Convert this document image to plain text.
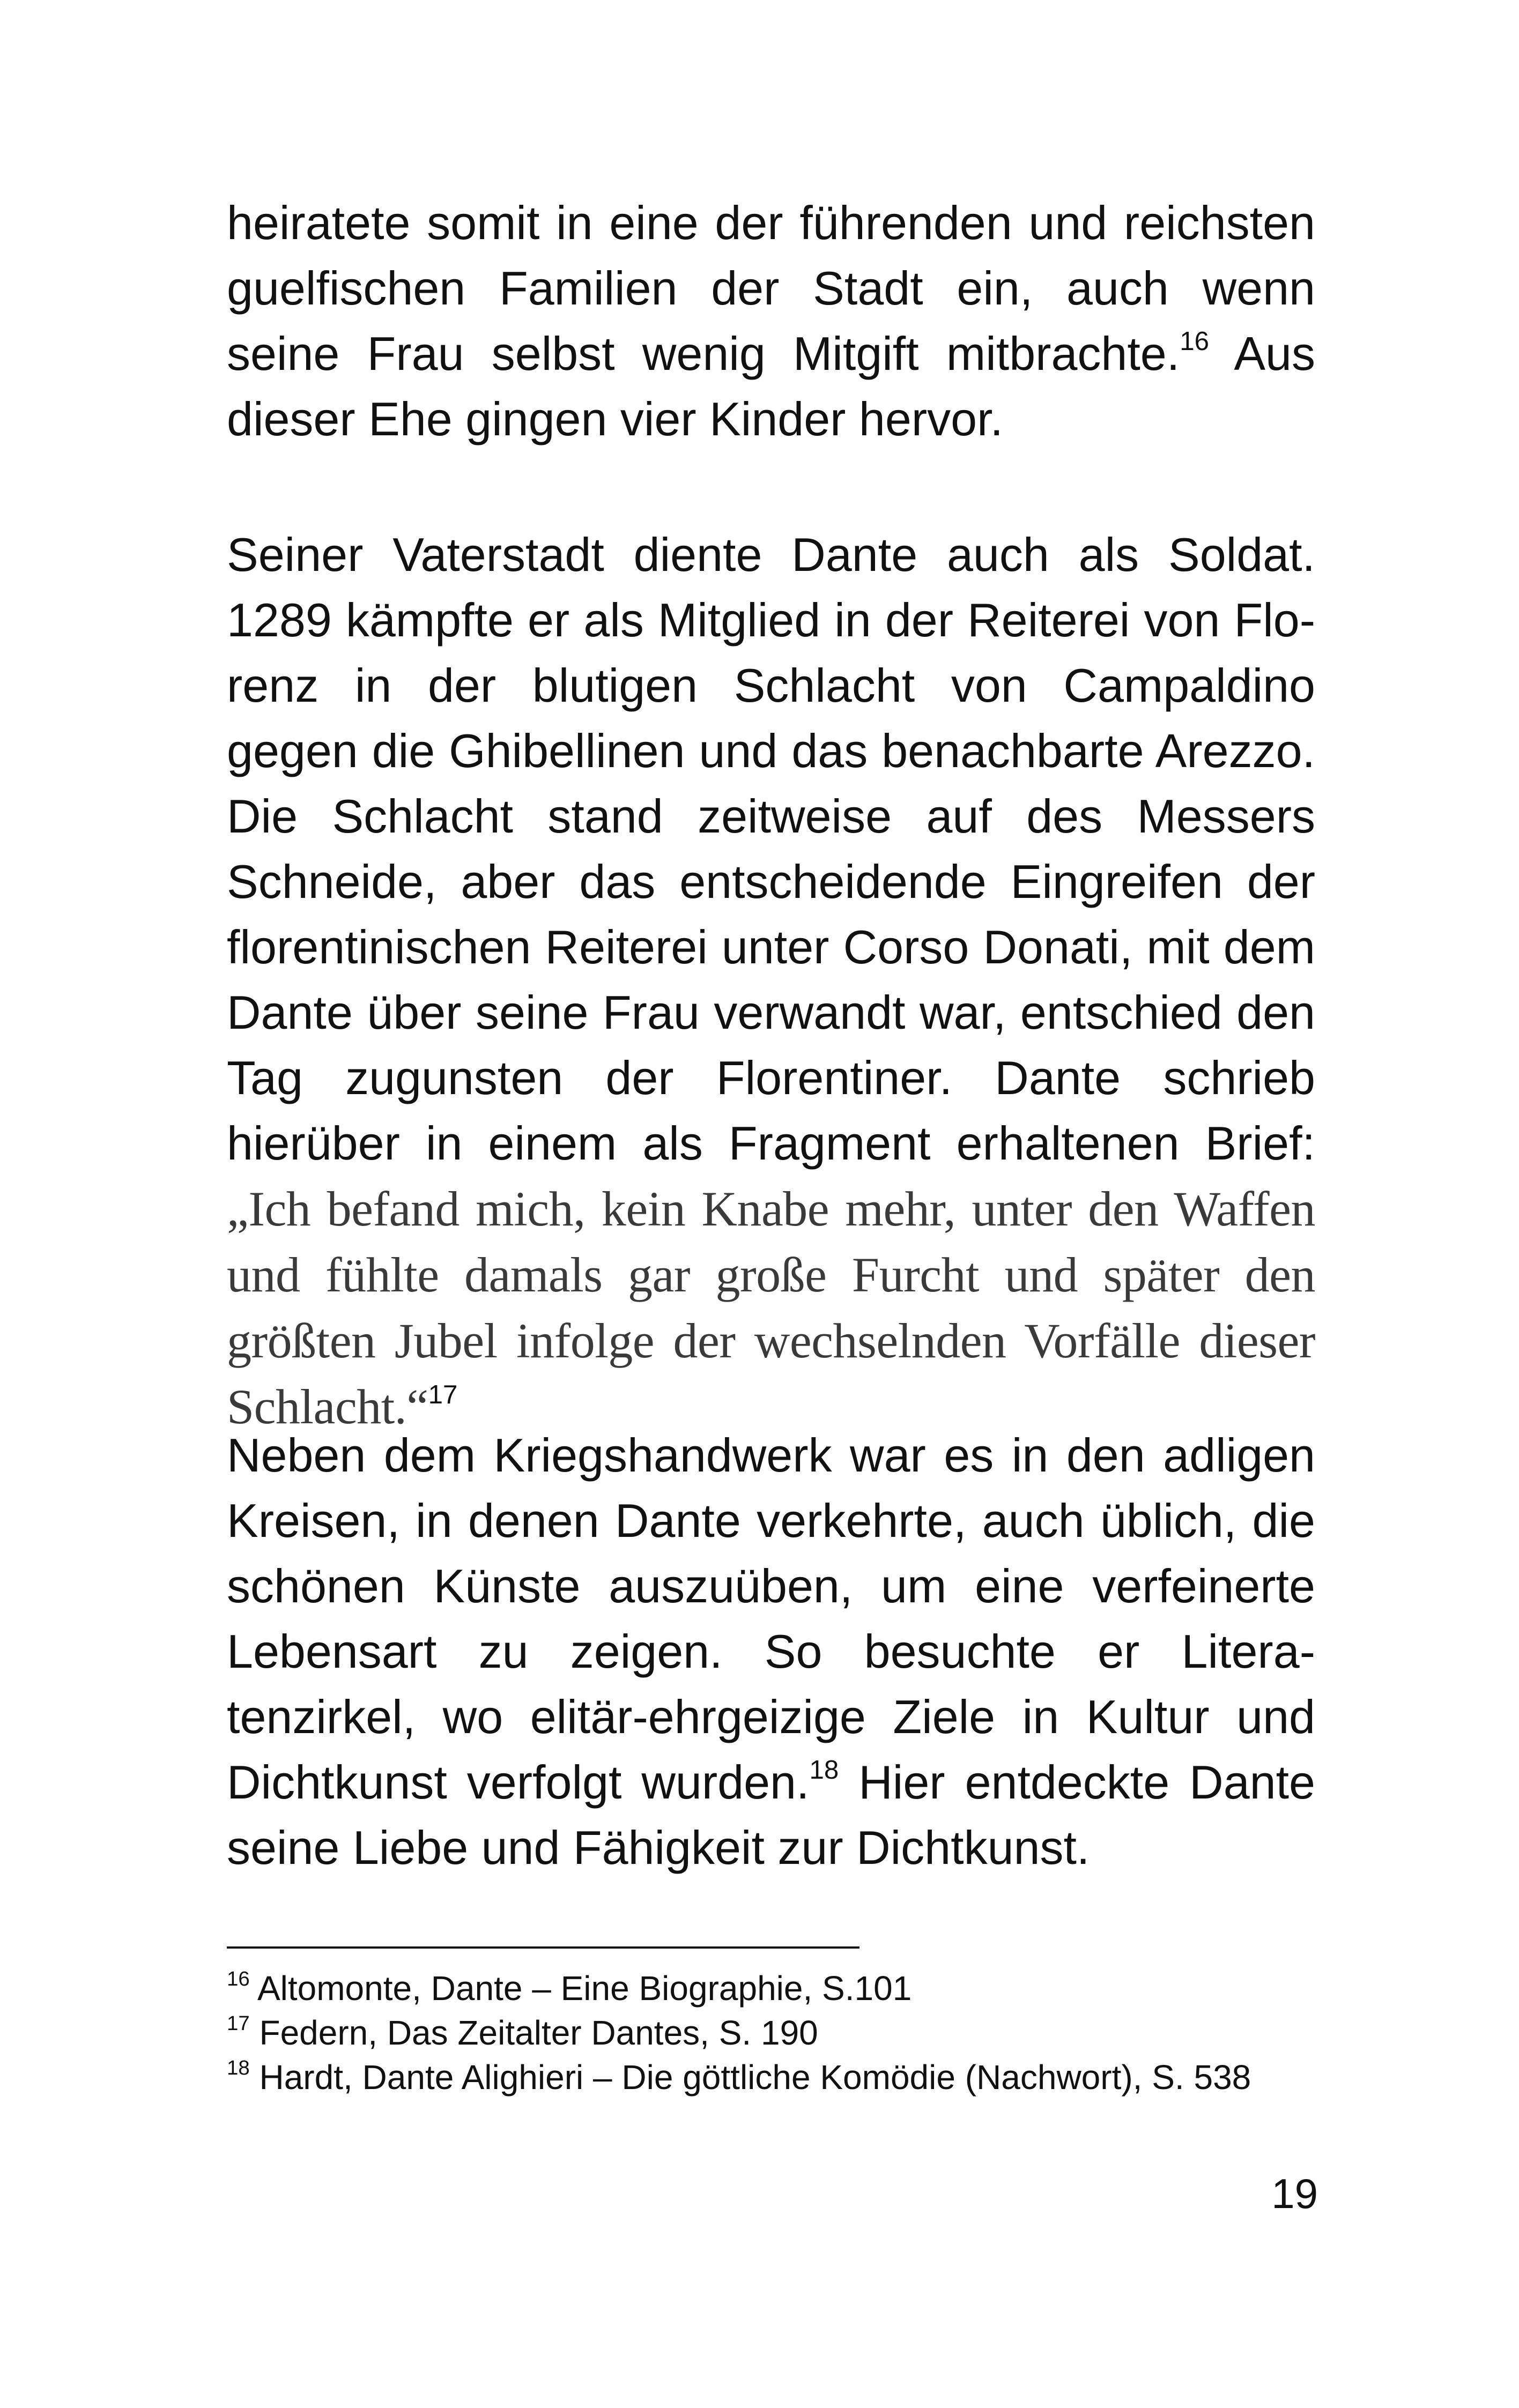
heiratete somit in eine der führenden und reichsten guelfischen Familien der Stadt ein, auch wenn seine Frau selbst wenig Mitgift mitbrachte.$^{16}$ Aus dieser Ehe gingen vier Kinder hervor.

Seiner Vaterstadt diente Dante auch als Soldat. 1289 kämpfte er als Mitglied in der Reiterei von Florenz in der blutigen Schlacht von Campaldino gegen die Ghibellinen und das benachbarte Arezzo. Die Schlacht stand zeitweise auf des Messers Schneide, aber das entscheidende Eingreifen der florentinischen Reiterei unter Corso Donati, mit dem Dante über seine Frau verwandt war, entschied den Tag zugunsten der Florentiner. Dante schrieb hierüber in einem als Fragment erhaltenen Brief: „Ich befand mich, kein Knabe mehr, unter den Waffen und fühlte damals gar große Furcht und später den größten Jubel infolge der wechselnden Vorfälle dieser Schlacht.“$^{17}$

Neben dem Kriegshandwerk war es in den adligen Kreisen, in denen Dante verkehrte, auch üblich, die schönen Künste auszuüben, um eine verfeinerte Lebensart zu zeigen. So besuchte er Literatenzirkel, wo elitär-ehrgeizige Ziele in Kultur und Dichtkunst verfolgt wurden.$^{18}$ Hier entdeckte Dante seine Liebe und Fähigkeit zur Dichtkunst.

$^{16}$ Altomonte, Dante – Eine Biographie, S.101
$^{17}$ Federn, Das Zeitalter Dantes, S. 190
$^{18}$ Hardt, Dante Alighieri – Die göttliche Komödie (Nachwort), S. 538
19
